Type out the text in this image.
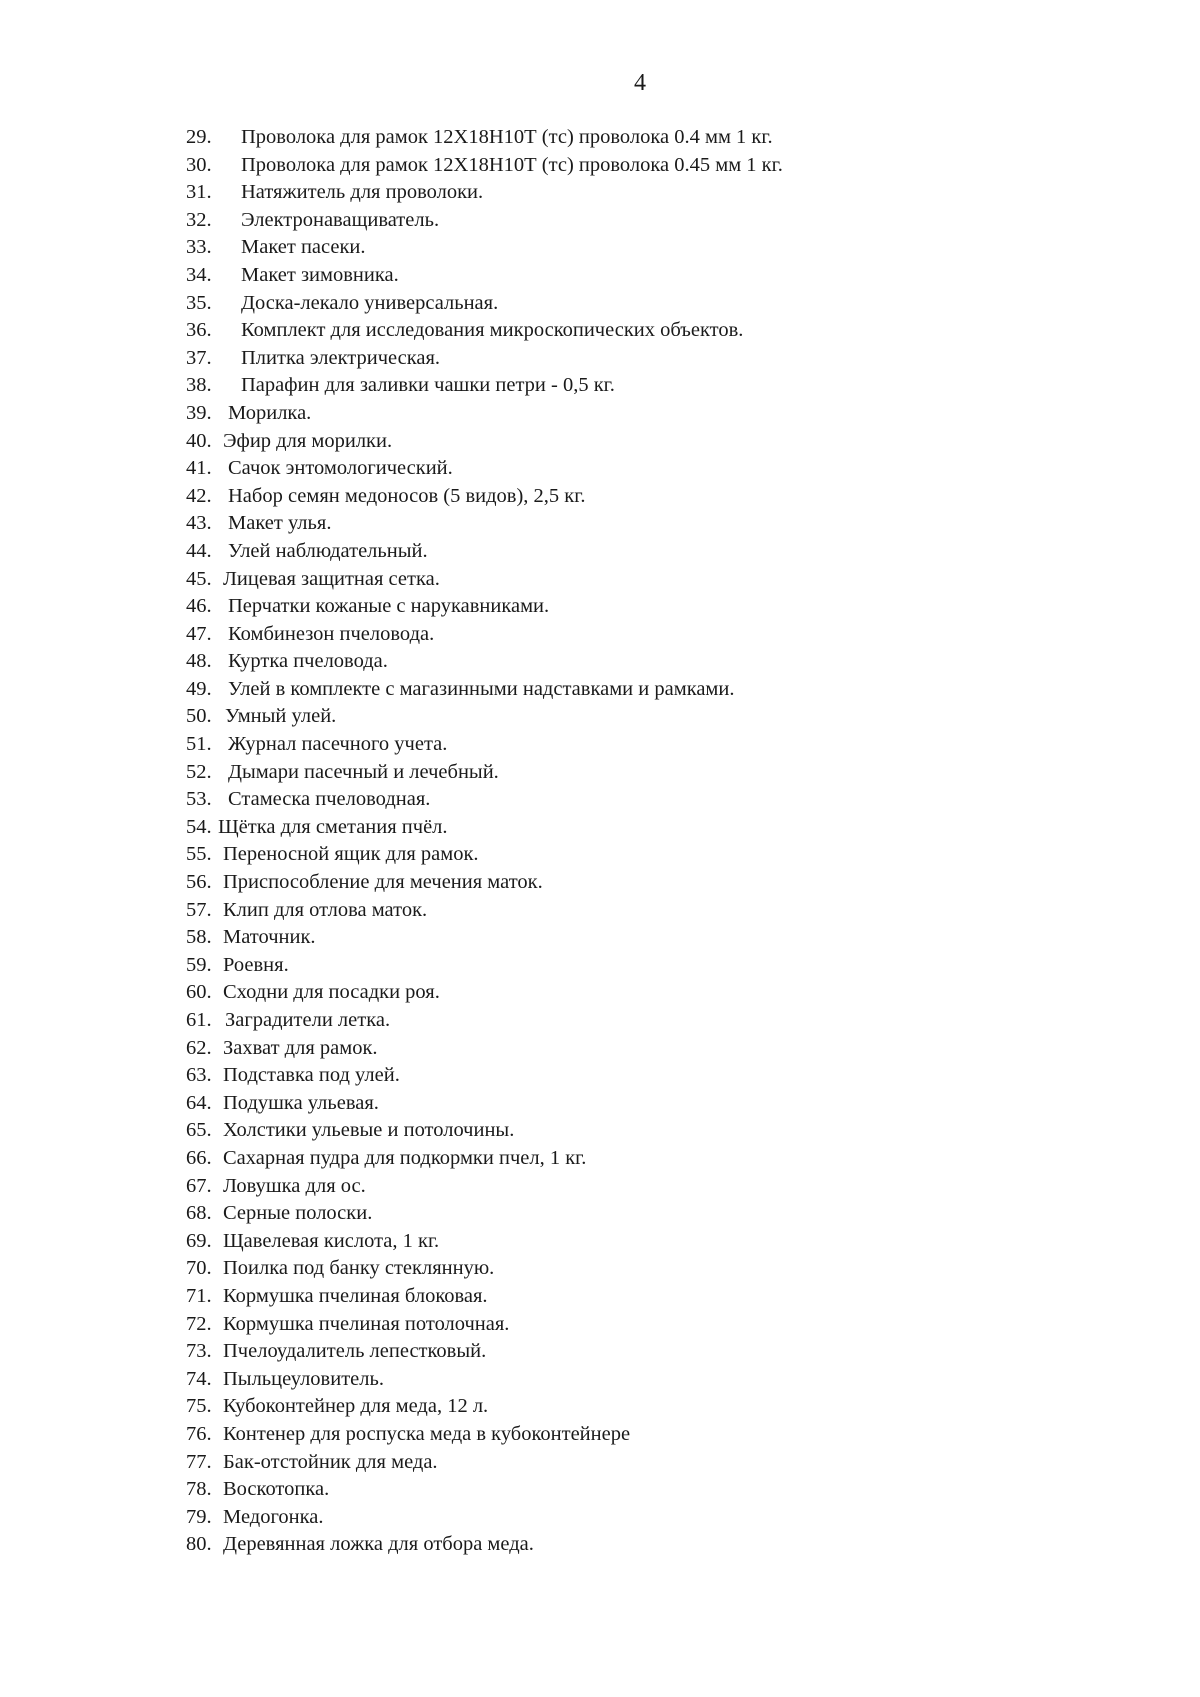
4
29. Проволока для рамок 12Х18Н10Т (тс) проволока 0.4 мм 1 кг.
30. Проволока для рамок 12Х18Н10Т (тс) проволока 0.45 мм 1 кг.
31. Натяжитель для проволоки.
32. Электронаващиватель.
33. Макет пасеки.
34. Макет зимовника.
35. Доска-лекало универсальная.
36. Комплект для исследования микроскопических объектов.
37. Плитка электрическая.
38. Парафин для заливки чашки петри - 0,5 кг.
39. Морилка.
40. Эфир для морилки.
41. Сачок энтомологический.
42. Набор семян медоносов (5 видов), 2,5 кг.
43. Макет улья.
44. Улей наблюдательный.
45. Лицевая защитная сетка.
46. Перчатки кожаные с нарукавниками.
47. Комбинезон пчеловода.
48. Куртка пчеловода.
49. Улей в комплекте с магазинными надставками и рамками.
50. Умный улей.
51. Журнал пасечного учета.
52. Дымари пасечный и лечебный.
53. Стамеска пчеловодная.
54. Щётка для сметания пчёл.
55. Переносной ящик для рамок.
56. Приспособление для мечения маток.
57. Клип для отлова маток.
58. Маточник.
59. Роевня.
60. Сходни для посадки роя.
61. Заградители летка.
62. Захват для рамок.
63. Подставка под улей.
64. Подушка ульевая.
65. Холстики ульевые и потолочины.
66. Сахарная пудра для подкормки пчел, 1 кг.
67. Ловушка для ос.
68. Серные полоски.
69. Щавелевая кислота, 1 кг.
70. Поилка под банку стеклянную.
71. Кормушка пчелиная блоковая.
72. Кормушка пчелиная потолочная.
73. Пчелоудалитель лепестковый.
74. Пыльцеуловитель.
75. Кубоконтейнер для меда, 12 л.
76. Контенер для роспуска меда в кубоконтейнере
77. Бак-отстойник для меда.
78. Воскотопка.
79. Медогонка.
80. Деревянная ложка для отбора меда.
